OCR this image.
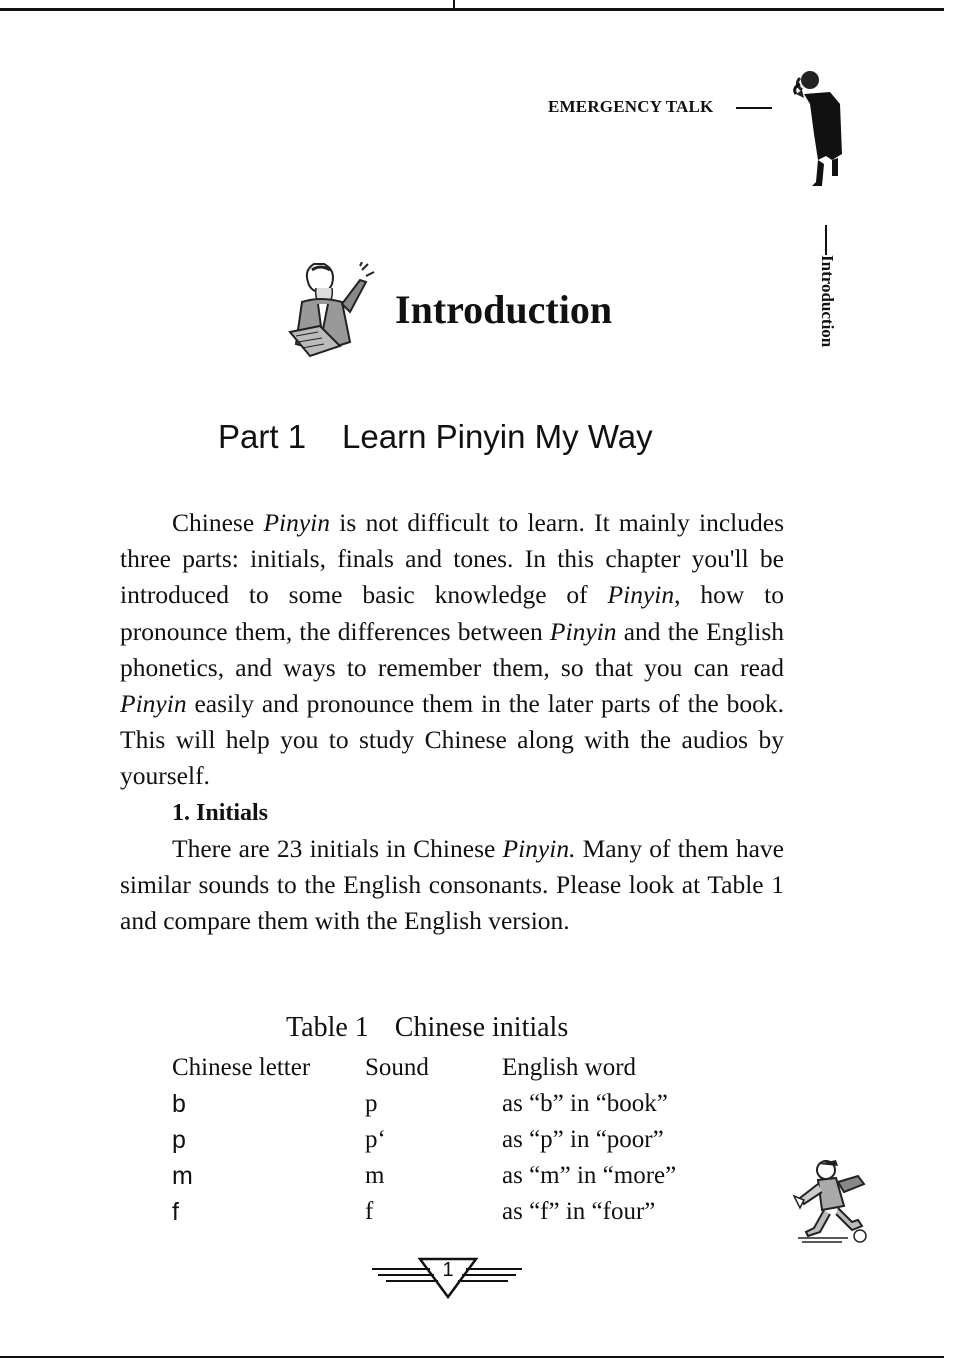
EMERGENCY TALK
Introduction
Introduction
Part 1 Learn Pinyin My Way

Chinese Pinyin is not difficult to learn. It mainly includes three parts: initials, finals and tones. In this chapter you'll be introduced to some basic knowledge of Pinyin, how to pronounce them, the differences between Pinyin and the English phonetics, and ways to remember them, so that you can read Pinyin easily and pronounce them in the later parts of the book. This will help you to study Chinese along with the audios by yourself.

1. Initials

There are 23 initials in Chinese Pinyin. Many of them have similar sounds to the English consonants. Please look at Table 1 and compare them with the English version.

Table 1 Chinese initials
Chinese letter	Sound	English word
b	p	as “b” in “book”
p	p‘	as “p” in “poor”
m	m	as “m” in “more”
f	f	as “f” in “four”
1
